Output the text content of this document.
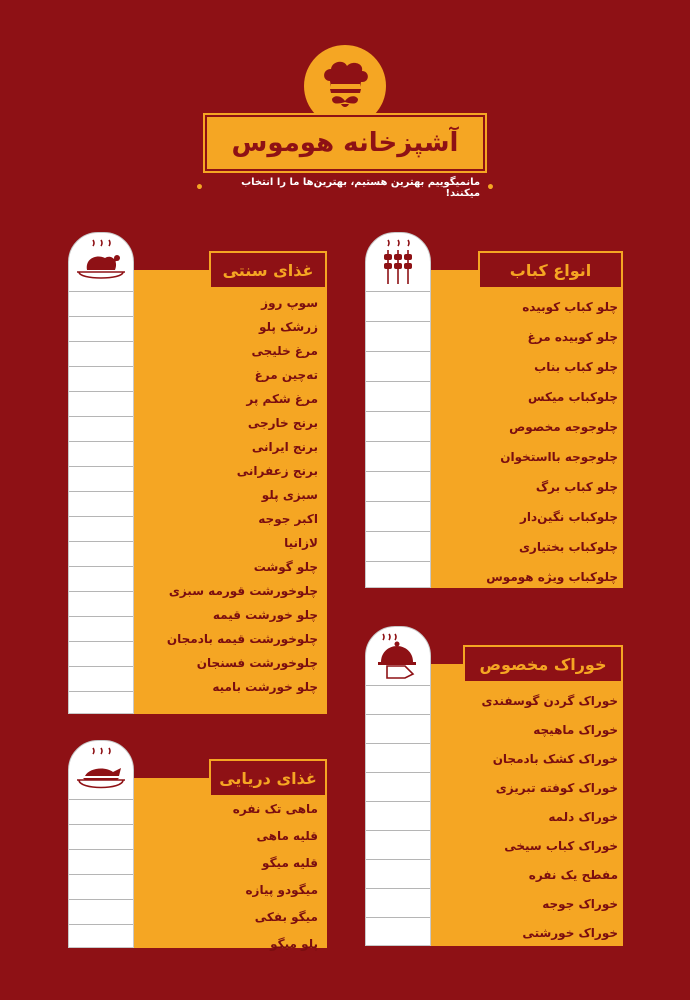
آشپزخانه هوموس
•
مانمیگوییم بهترین هستیم، بهترین‌ها ما را انتخاب میکنند!
•
انواع کباب
چلو کباب کوبیده
چلو کوبیده مرغ
چلو کباب بناب
چلوکباب میکس
چلوجوجه مخصوص
چلوجوجه بااستخوان
چلو کباب برگ
چلوکباب نگین‌دار
چلوکباب بختیاری
چلوکباب ویژه هوموس
غذای سنتی
سوپ روز
زرشک پلو
مرغ خلیجی
ته‌چین مرغ
مرغ شکم پر
برنج خارجی
برنج ایرانی
برنج زعفرانی
سبزی پلو
اکبر جوجه
لازانیا
چلو گوشت
چلوخورشت قورمه سبزی
چلو خورشت قیمه
چلوخورشت قیمه بادمجان
چلوخورشت فسنجان
چلو خورشت بامیه
خوراک مخصوص
خوراک گردن گوسفندی
خوراک ماهیچه
خوراک کشک بادمجان
خوراک کوفته تبریزی
خوراک دلمه
خوراک کباب سیخی
مفطح یک نفره
خوراک جوجه
خوراک خورشتی
غذای دریایی
ماهی تک نفره
قلیه ماهی
قلیه میگو
میگودو پیازه
میگو بفکی
پلو میگو
